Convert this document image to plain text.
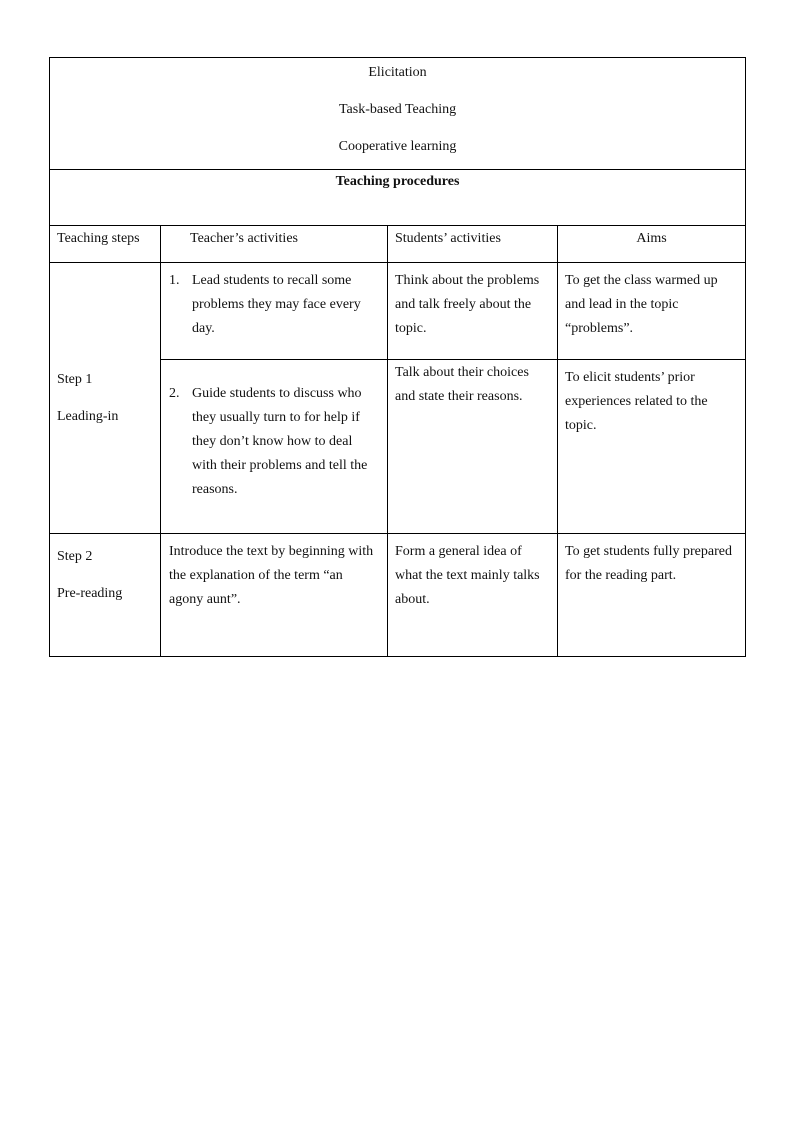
Elicitation
Task-based Teaching
Cooperative learning			

Teaching procedures			
Teaching steps	Teacher’s activities	Students’ activities	Aims

Step 1
Leading-in	1. Lead students to recall some problems they may face every day.	Think about the problems and talk freely about the topic.	To get the class warmed up and lead in the topic “problems”.

	2. Guide students to discuss who they usually turn to for help if they don’t know how to deal with their problems and tell the reasons.	Talk about their choices and state their reasons.	To elicit students’ prior experiences related to the topic.

Step 2
Pre-reading	Introduce the text by beginning with the explanation of the term “an agony aunt”.	Form a general idea of what the text mainly talks about.	To get students fully prepared for the reading part.
